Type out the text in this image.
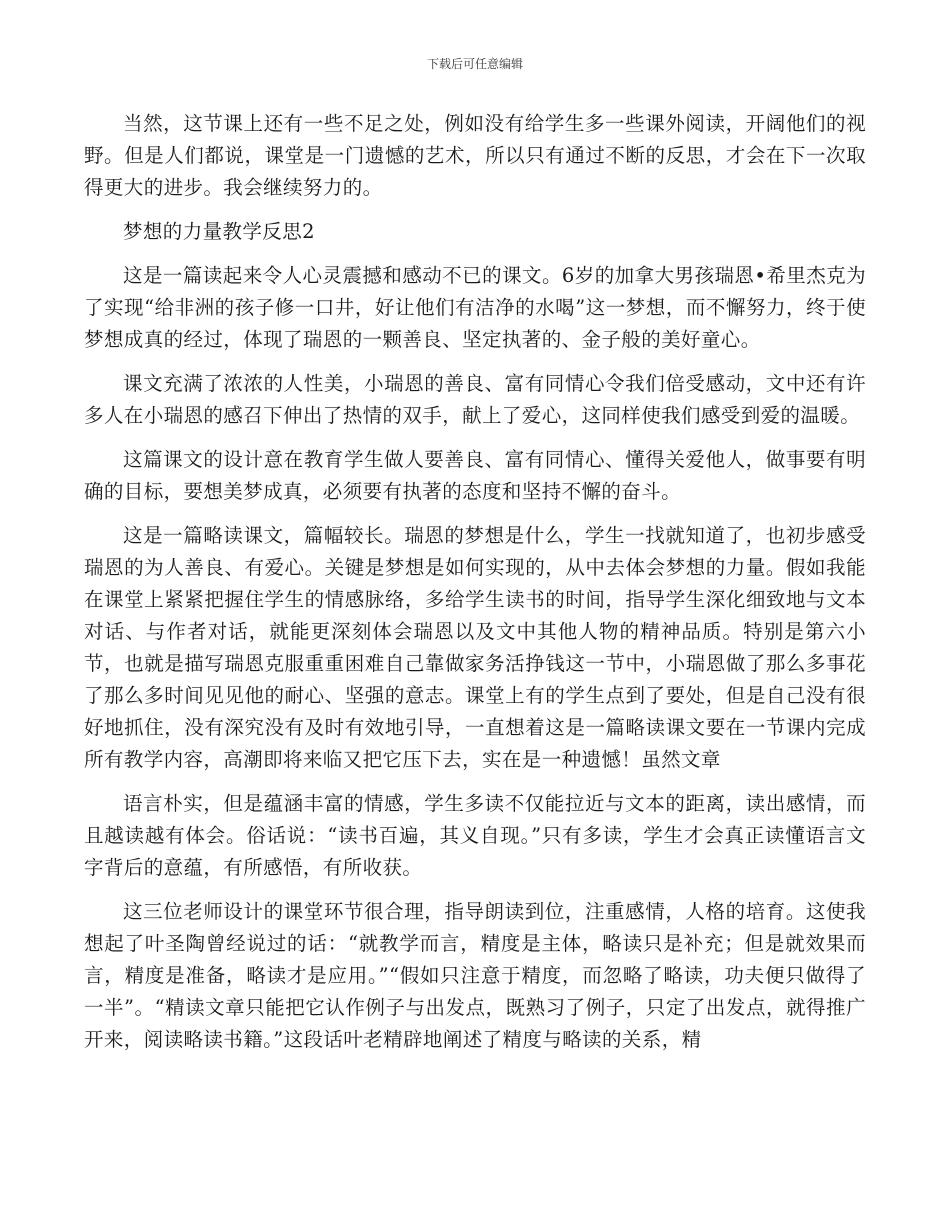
下载后可任意编辑

当然，这节课上还有一些不足之处，例如没有给学生多一些课外阅读，开阔他们的视野。但是人们都说，课堂是一门遗憾的艺术，所以只有通过不断的反思，才会在下一次取得更大的进步。我会继续努力的。

梦想的力量教学反思2

这是一篇读起来令人心灵震撼和感动不已的课文。6岁的加拿大男孩瑞恩•希里杰克为了实现“给非洲的孩子修一口井，好让他们有洁净的水喝”这一梦想，而不懈努力，终于使梦想成真的经过，体现了瑞恩的一颗善良、坚定执著的、金子般的美好童心。

课文充满了浓浓的人性美，小瑞恩的善良、富有同情心令我们倍受感动，文中还有许多人在小瑞恩的感召下伸出了热情的双手，献上了爱心，这同样使我们感受到爱的温暖。

这篇课文的设计意在教育学生做人要善良、富有同情心、懂得关爱他人，做事要有明确的目标，要想美梦成真，必须要有执著的态度和坚持不懈的奋斗。

这是一篇略读课文，篇幅较长。瑞恩的梦想是什么，学生一找就知道了，也初步感受瑞恩的为人善良、有爱心。关键是梦想是如何实现的，从中去体会梦想的力量。假如我能在课堂上紧紧把握住学生的情感脉络，多给学生读书的时间，指导学生深化细致地与文本对话、与作者对话，就能更深刻体会瑞恩以及文中其他人物的精神品质。特别是第六小节，也就是描写瑞恩克服重重困难自己靠做家务活挣钱这一节中，小瑞恩做了那么多事花了那么多时间见见他的耐心、坚强的意志。课堂上有的学生点到了要处，但是自己没有很好地抓住，没有深究没有及时有效地引导，一直想着这是一篇略读课文要在一节课内完成所有教学内容，高潮即将来临又把它压下去，实在是一种遗憾！虽然文章

语言朴实，但是蕴涵丰富的情感，学生多读不仅能拉近与文本的距离，读出感情，而且越读越有体会。俗话说：“读书百遍，其义自现。”只有多读，学生才会真正读懂语言文字背后的意蕴，有所感悟，有所收获。

这三位老师设计的课堂环节很合理，指导朗读到位，注重感情，人格的培育。这使我想起了叶圣陶曾经说过的话：“就教学而言，精度是主体，略读只是补充；但是就效果而言，精度是准备，略读才是应用。”“假如只注意于精度，而忽略了略读，功夫便只做得了一半”。“精读文章只能把它认作例子与出发点，既熟习了例子，只定了出发点，就得推广开来，阅读略读书籍。”这段话叶老精辟地阐述了精度与略读的关系，精
